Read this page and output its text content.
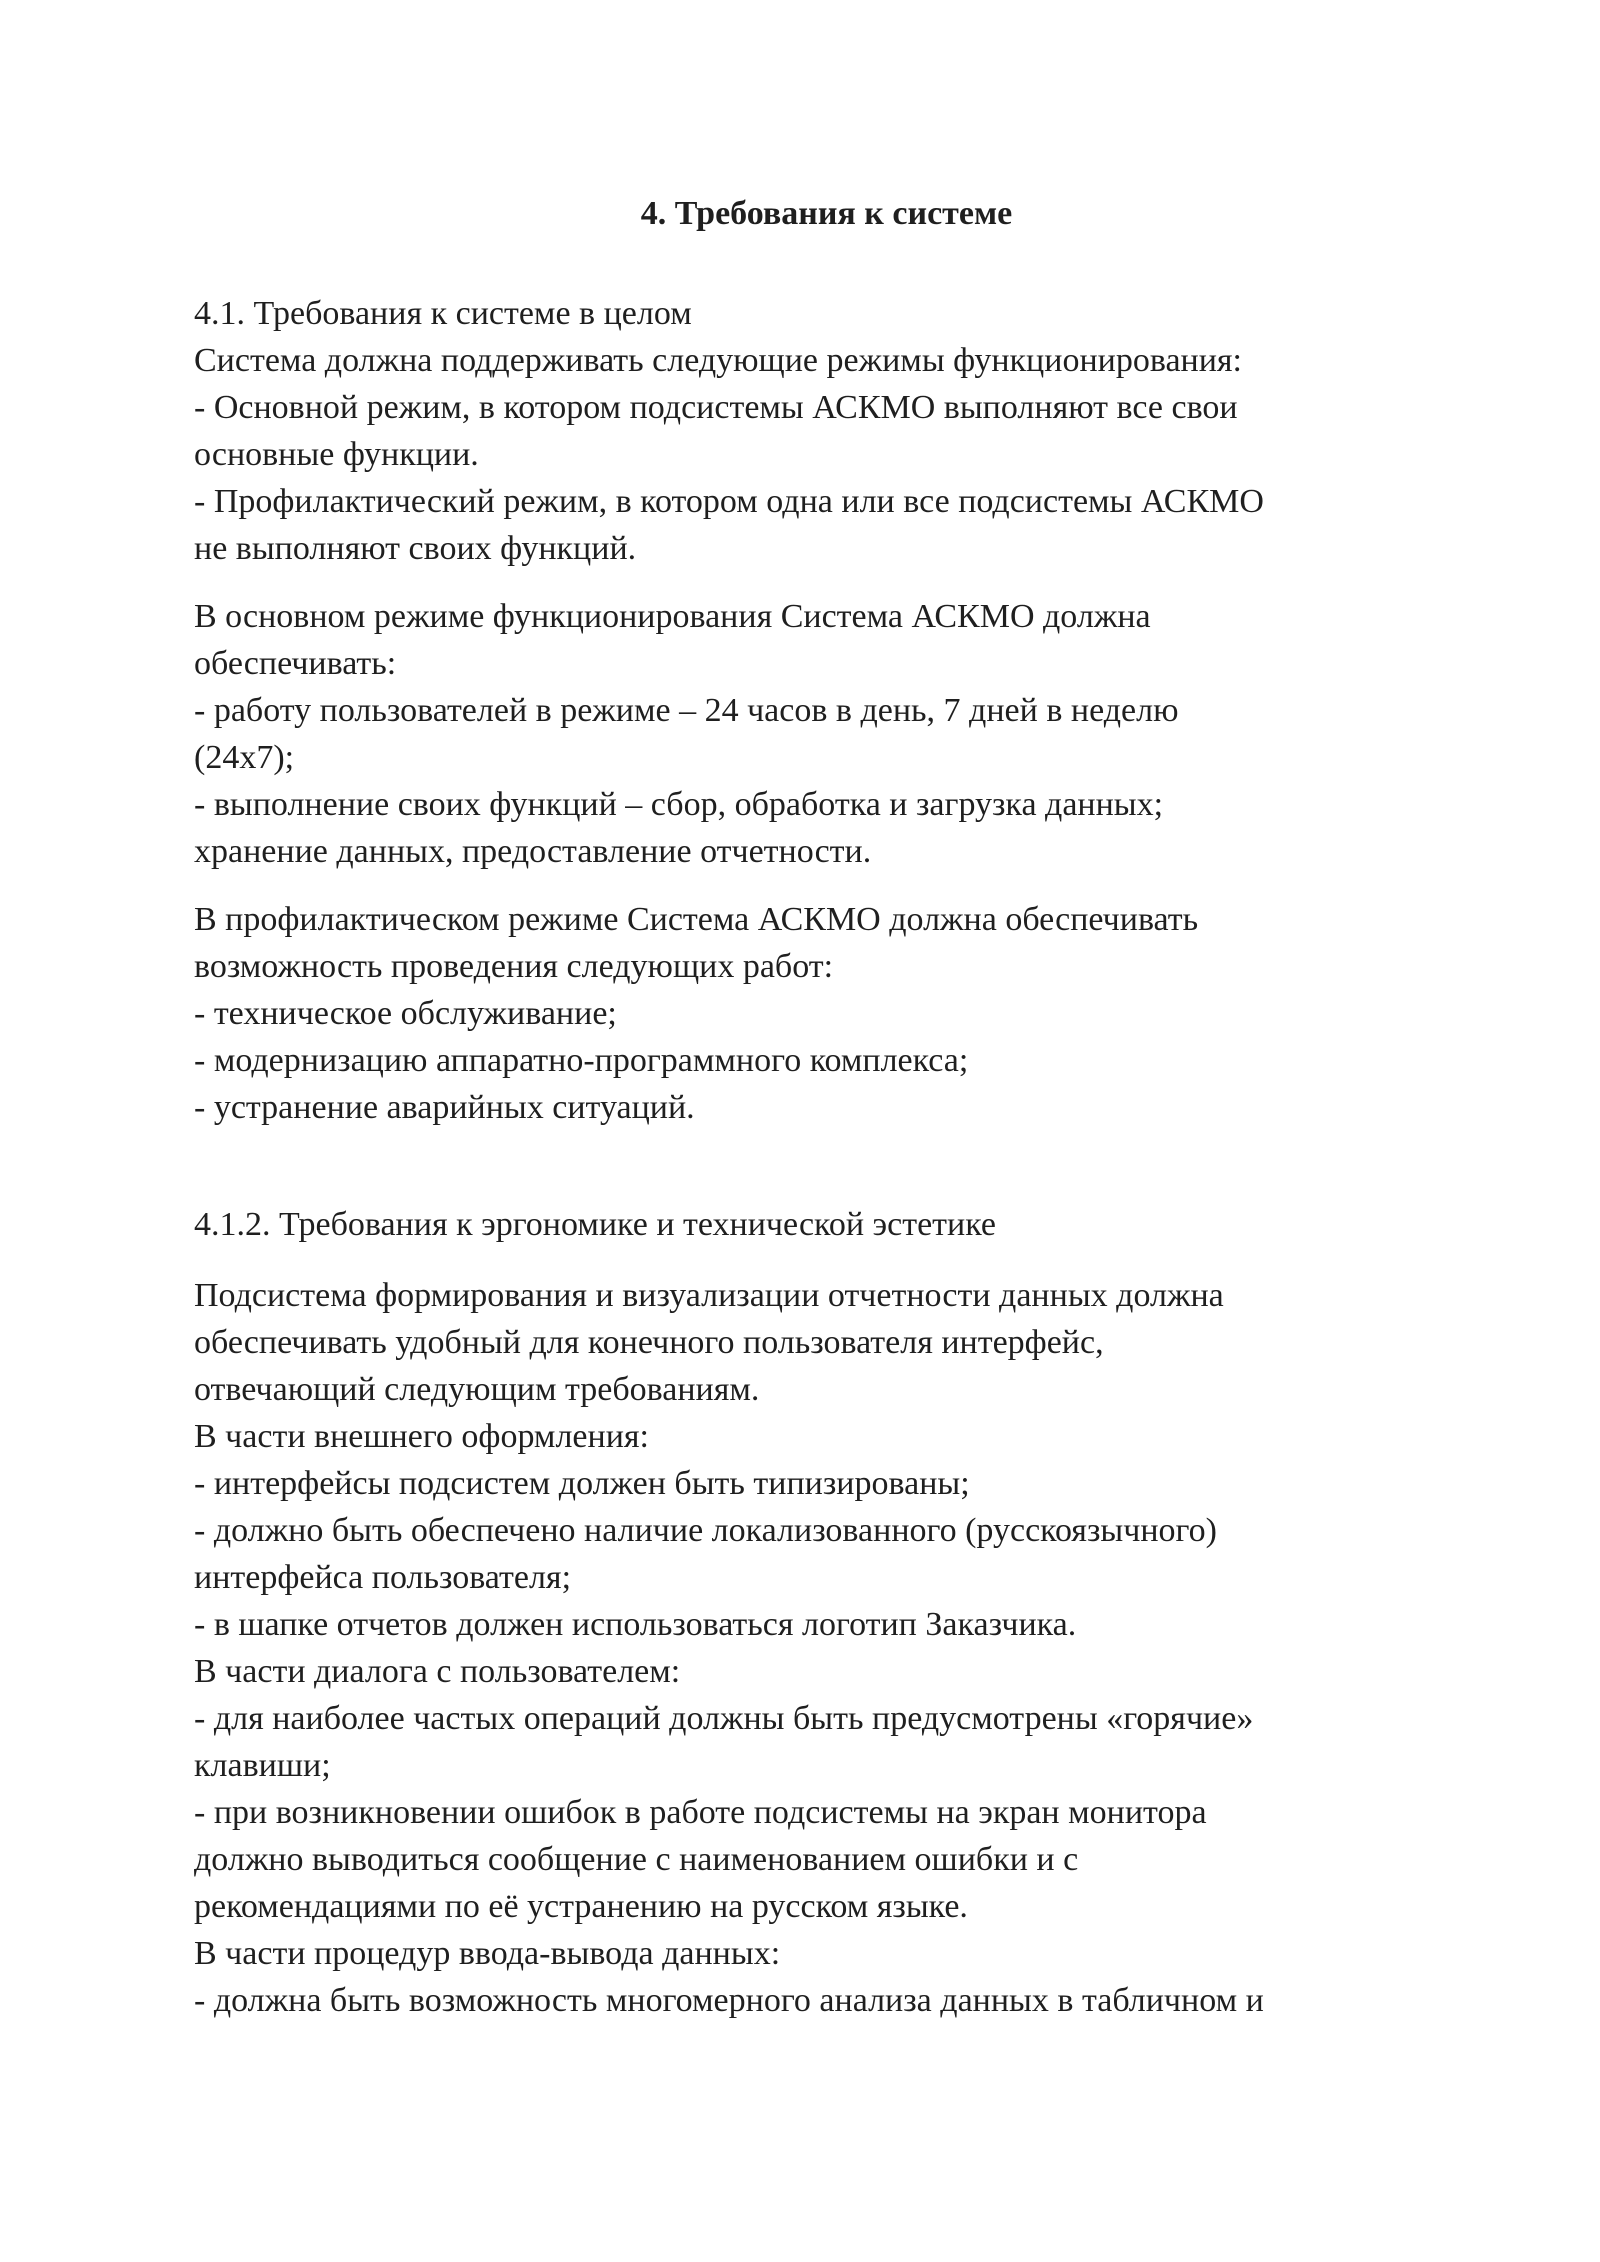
4. Требования к системе

4.1. Требования к системе в целом
Система должна поддерживать следующие режимы функционирования:
- Основной режим, в котором подсистемы АСКМО выполняют все свои
основные функции.
- Профилактический режим, в котором одна или все подсистемы АСКМО
не выполняют своих функций.

В основном режиме функционирования Система АСКМО должна
обеспечивать:
- работу пользователей в режиме – 24 часов в день, 7 дней в неделю
(24x7);
- выполнение своих функций – сбор, обработка и загрузка данных;
хранение данных, предоставление отчетности.

В профилактическом режиме Система АСКМО должна обеспечивать
возможность проведения следующих работ:
- техническое обслуживание;
- модернизацию аппаратно-программного комплекса;
- устранение аварийных ситуаций.

4.1.2. Требования к эргономике и технической эстетике

Подсистема формирования и визуализации отчетности данных должна
обеспечивать удобный для конечного пользователя интерфейс,
отвечающий следующим требованиям.
В части внешнего оформления:
- интерфейсы подсистем должен быть типизированы;
- должно быть обеспечено наличие локализованного (русскоязычного)
интерфейса пользователя;
- в шапке отчетов должен использоваться логотип Заказчика.
В части диалога с пользователем:
- для наиболее частых операций должны быть предусмотрены «горячие»
клавиши;
- при возникновении ошибок в работе подсистемы на экран монитора
должно выводиться сообщение с наименованием ошибки и с
рекомендациями по её устранению на русском языке.
В части процедур ввода-вывода данных:
- должна быть возможность многомерного анализа данных в табличном и
